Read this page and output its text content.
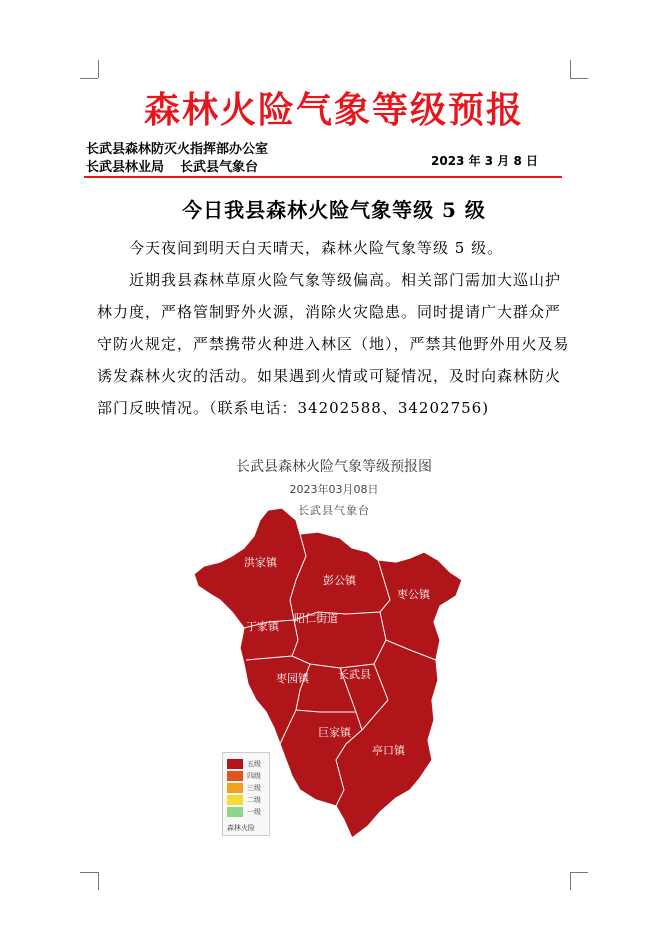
森林火险气象等级预报
长武县森林防灭火指挥部办公室
长武县林业局 长武县气象台	2023 年 3 月 8 日
今日我县森林火险气象等级 5 级

今天夜间到明天白天晴天，森林火险气象等级 5 级。

近期我县森林草原火险气象等级偏高。相关部门需加大巡山护林力度，严格管制野外火源，消除火灾隐患。同时提请广大群众严守防火规定，严禁携带火种进入林区（地），严禁其他野外用火及易诱发森林火灾的活动。如果遇到火情或可疑情况，及时向森林防火部门反映情况。（联系电话：34202588、34202756)

长武县森林火险气象等级预报图
2023年03月08日
长武县气象台
洪家镇
彭公镇
枣公镇
丁家镇
昭仁街道
枣园镇	长武县
巨家镇
亭口镇
五级
四级
三级
二级
一级
森林火险
